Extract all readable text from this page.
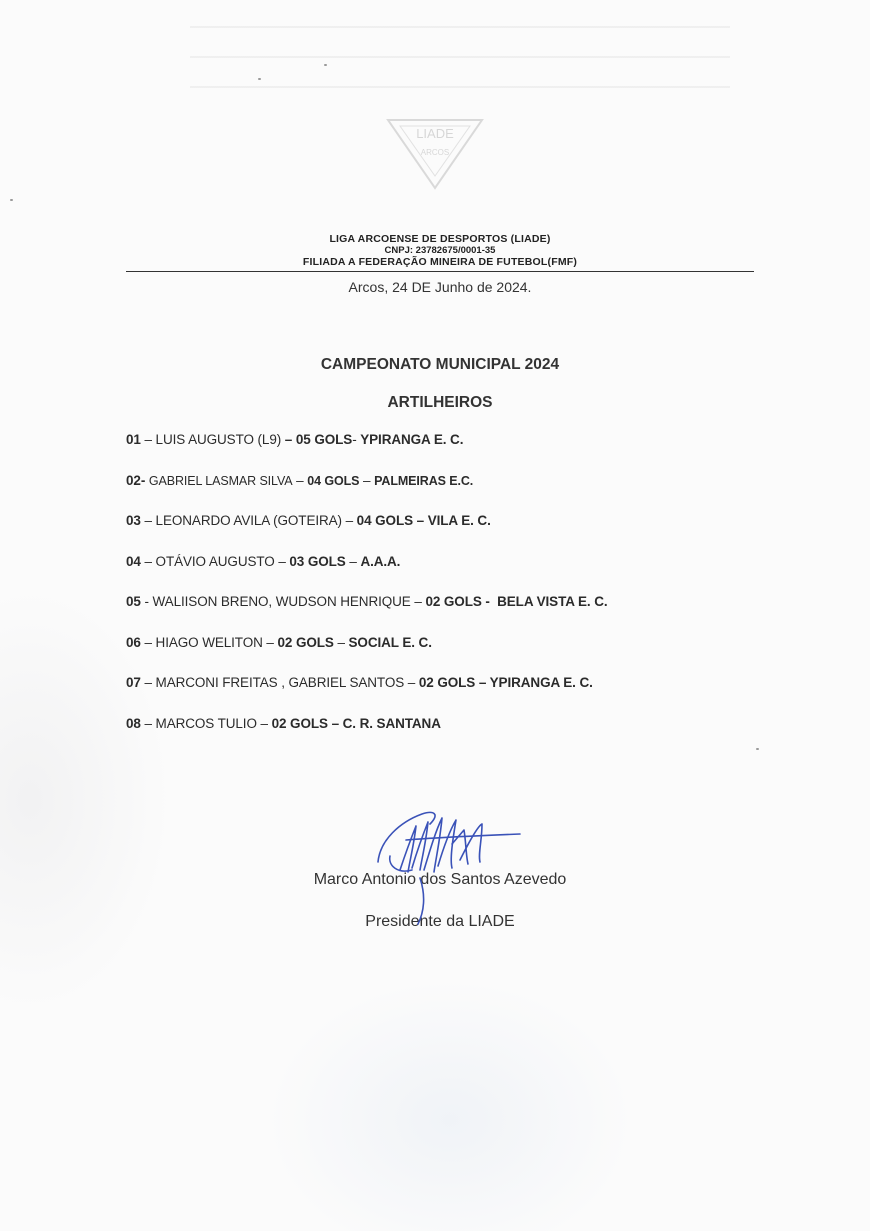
LIADE
ARCOS
LIGA ARCOENSE DE DESPORTOS (LIADE)
CNPJ: 23782675/0001-35
FILIADA A FEDERAÇÃO MINEIRA DE FUTEBOL(FMF)
Arcos, 24 DE Junho de 2024.
CAMPEONATO MUNICIPAL 2024
ARTILHEIROS
01 – LUIS AUGUSTO (L9) – 05 GOLS- YPIRANGA E. C.
02- GABRIEL LASMAR SILVA – 04 GOLS – PALMEIRAS E.C.
03 – LEONARDO AVILA (GOTEIRA) – 04 GOLS – VILA E. C.
04 – OTÁVIO AUGUSTO – 03 GOLS – A.A.A.
05 - WALIISON BRENO, WUDSON HENRIQUE – 02 GOLS -  BELA VISTA E. C.
06 – HIAGO WELITON – 02 GOLS – SOCIAL E. C.
07 – MARCONI FREITAS , GABRIEL SANTOS – 02 GOLS – YPIRANGA E. C.
08 – MARCOS TULIO – 02 GOLS – C. R. SANTANA
Marco Antonio dos Santos Azevedo
Presidente da LIADE
